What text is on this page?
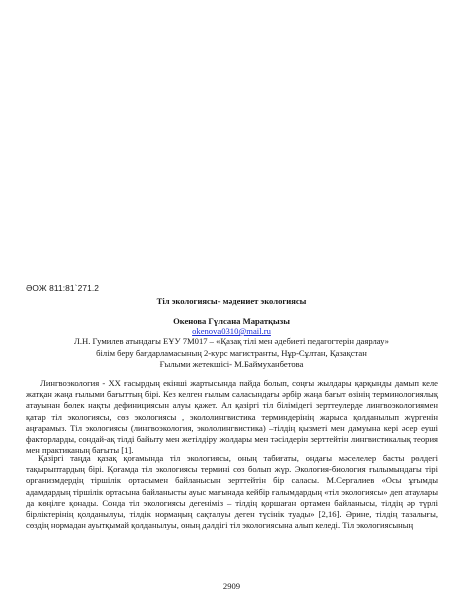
ӘОЖ 811:81`271.2
Тіл экологиясы- мәдениет экологиясы
Окенова Гүлсана Маратқызы
okenova0310@mail.ru
Л.Н. Гумилев атындағы ЕҰУ 7М017 – «Қазақ тілі мен әдебиеті педагогтерін даярлау»
білім беру бағдарламасының 2-курс магистранты, Нұр-Сұлтан, Қазақстан
Ғылыми жетекшісі- М.Баймуханбетова

Лингвоэкология - ХХ ғасырдың екінші жартысында пайда болып, соңғы жылдары қарқынды дамып келе жатқан жаңа ғылыми бағыттың бірі. Кез келген ғылым саласындағы әрбір жаңа бағыт өзінің терминологиялық атауынан бөлек нақты дефинициясын алуы қажет. Ал қазіргі тіл білімідегі зерттеулерде лингвоэкологиямен қатар тіл экологиясы, сөз экологиясы , экололингвистика терминдерінің жарыса қолданылып жүргенін аңғарамыз. Тіл экологиясы (лингвоэкология, экололингвистика) –тілдің қызметі мен дамуына кері әсер еуші факторларды, сондай-ақ тілді байыту мен жетілдіру жолдары мен тәсілдерін зерттейтін лингвистикалық теория мен практиканың бағыты [1].

Қазіргі таңда қазақ қоғамында тіл экологиясы, оның табиғаты, ондағы мәселелер басты рөлдегі тақырыптардың бірі. Қоғамда тіл экологиясы термині сөз болып жүр. Экология-биология ғылымындағы тірі организмдердің тіршілік ортасымен байланысын зерттейтін бір саласы. М.Сергалиев «Осы ұғымды адамдардың тіршілік ортасына байланысты ауыс мағынада кейбір ғалымдардың «тіл экологиясы» деп атаулары да көңілге қонады. Сонда тіл экологиясы дегеніміз – тілдің қоршаған ортамен байланысы, тілдің әр түрлі бірліктерінің қолданылуы, тілдік нормаңың сақталуы деген түсінік туады» [2,16]. Әрине, тілдің тазалығы, сөздің нормадан ауытқымай қолданылуы, оның дәлдігі тіл экологиясына алып келеді. Тіл экологиясының

2909
